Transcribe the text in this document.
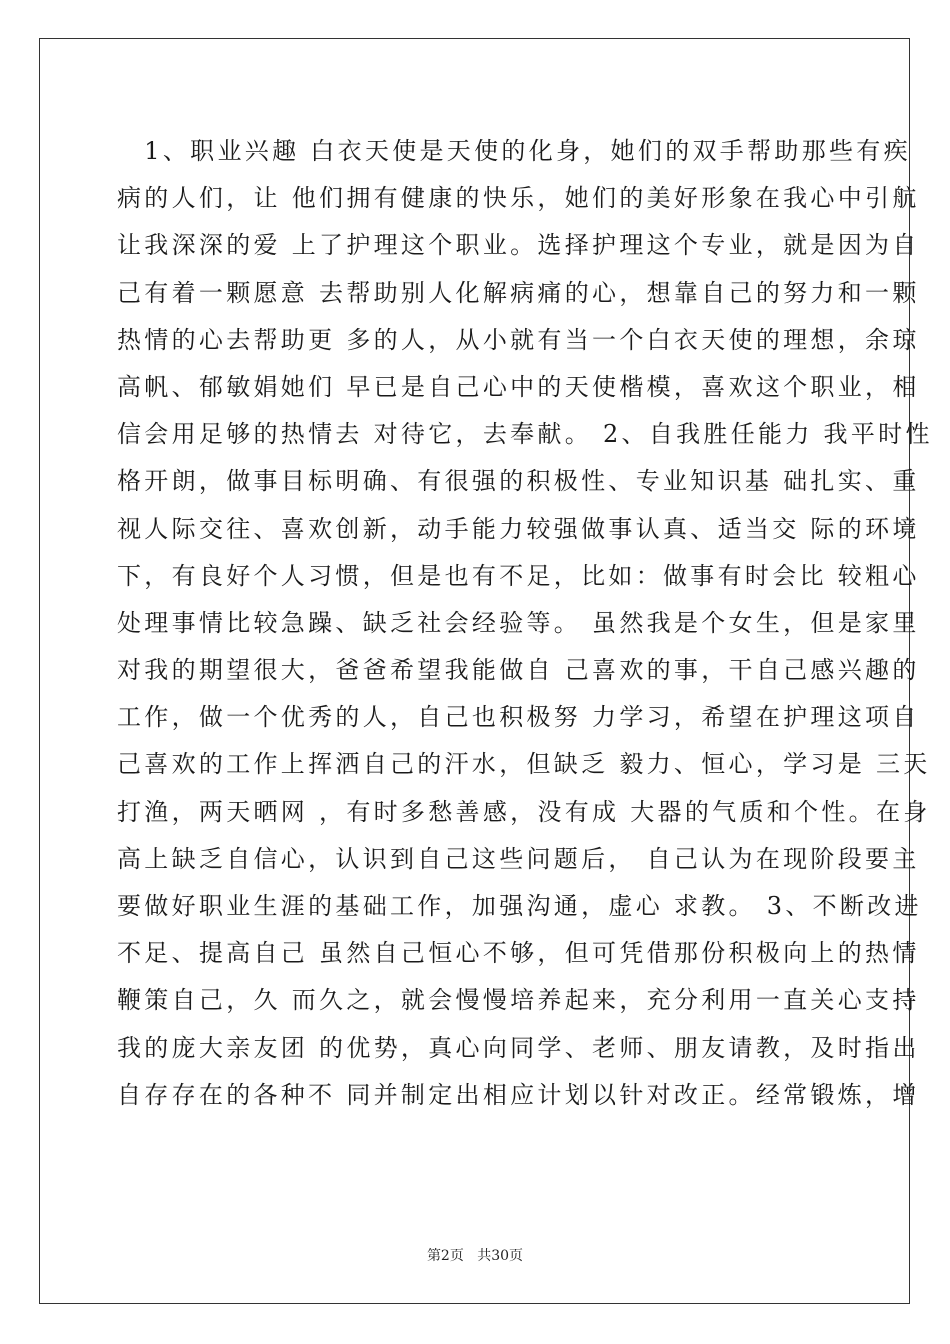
　1、职业兴趣 白衣天使是天使的化身，她们的双手帮助那些有疾
病的人们，让 他们拥有健康的快乐，她们的美好形象在我心中引航
让我深深的爱 上了护理这个职业。选择护理这个专业，就是因为自
己有着一颗愿意 去帮助别人化解病痛的心，想靠自己的努力和一颗
热情的心去帮助更 多的人，从小就有当一个白衣天使的理想，余琼
高帆、郁敏娟她们 早已是自己心中的天使楷模，喜欢这个职业，相
信会用足够的热情去 对待它，去奉献。 2、自我胜任能力 我平时性
格开朗，做事目标明确、有很强的积极性、专业知识基 础扎实、重
视人际交往、喜欢创新，动手能力较强做事认真、适当交 际的环境
下，有良好个人习惯，但是也有不足，比如：做事有时会比 较粗心
处理事情比较急躁、缺乏社会经验等。 虽然我是个女生，但是家里
对我的期望很大，爸爸希望我能做自 己喜欢的事，干自己感兴趣的
工作，做一个优秀的人，自己也积极努 力学习，希望在护理这项自
己喜欢的工作上挥洒自己的汗水，但缺乏 毅力、恒心，学习是 三天
打渔，两天晒网 ，有时多愁善感，没有成 大器的气质和个性。在身
高上缺乏自信心，认识到自己这些问题后， 自己认为在现阶段要主
要做好职业生涯的基础工作，加强沟通，虚心 求教。 3、不断改进
不足、提高自己 虽然自己恒心不够，但可凭借那份积极向上的热情
鞭策自己，久 而久之，就会慢慢培养起来，充分利用一直关心支持
我的庞大亲友团 的优势，真心向同学、老师、朋友请教，及时指出
自存存在的各种不 同并制定出相应计划以针对改正。经常锻炼，增
第2页 共30页
